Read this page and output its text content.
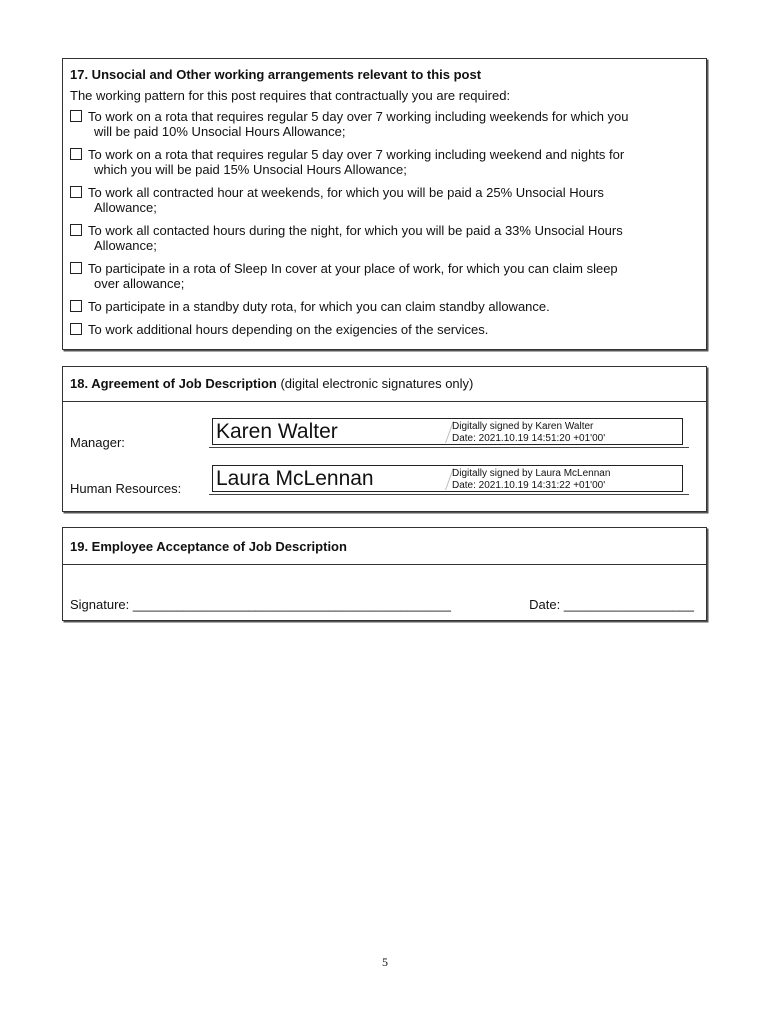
17. Unsocial and Other working arrangements relevant to this post
The working pattern for this post requires that contractually you are required:
To work on a rota that requires regular 5 day over 7 working including weekends for which you
will be paid 10% Unsocial Hours Allowance;
To work on a rota that requires regular 5 day over 7 working including weekend and nights for
which you will be paid 15% Unsocial Hours Allowance;
To work all contracted hour at weekends, for which you will be paid a 25% Unsocial Hours
Allowance;
To work all contacted hours during the night, for which you will be paid a 33% Unsocial Hours
Allowance;
To participate in a rota of Sleep In cover at your place of work, for which you can claim sleep
over allowance;
To participate in a standby duty rota, for which you can claim standby allowance.
To work additional hours depending on the exigencies of the services.
18. Agreement of Job Description (digital electronic signatures only)
Manager:	Karen Walter	Digitally signed by Karen Walter
Date: 2021.10.19 14:51:20 +01'00'
Human Resources: Laura McLennan	Digitally signed by Laura McLennan
Date: 2021.10.19 14:31:22 +01'00'
19. Employee Acceptance of Job Description
Signature: ____________________________________________	Date: __________________
5
